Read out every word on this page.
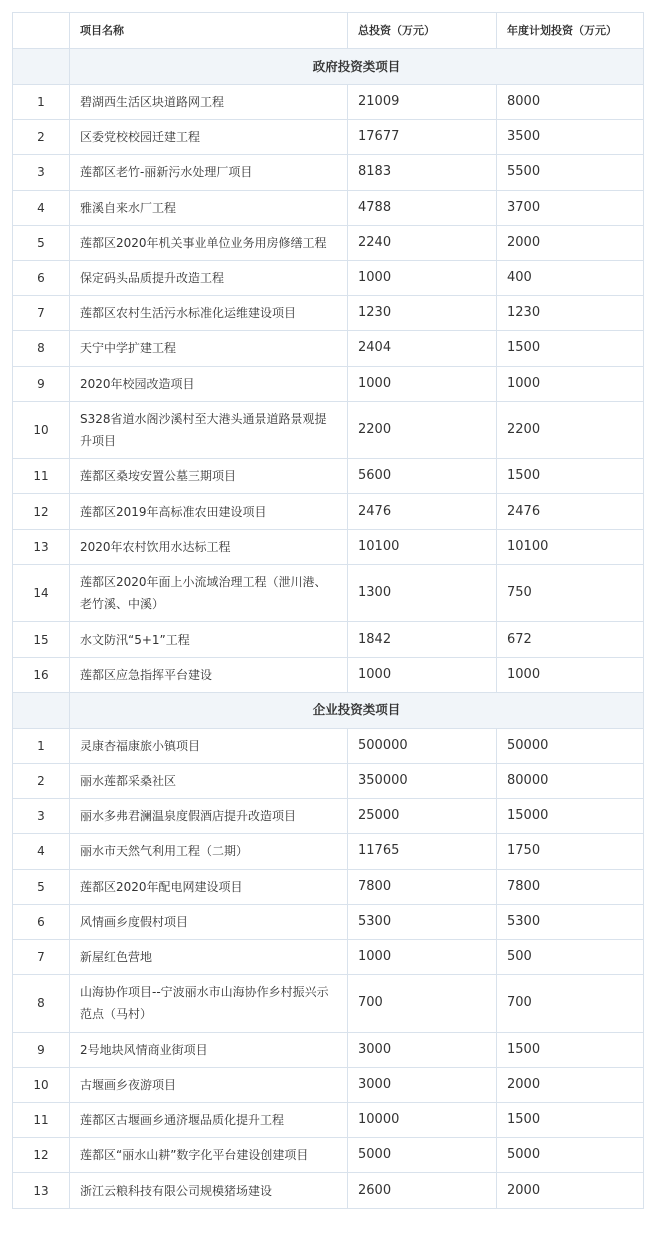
	项目名称	总投资（万元）	年度计划投资（万元）
	政府投资类项目		
1	碧湖西生活区块道路网工程	21009	8000
2	区委党校校园迁建工程	17677	3500
3	莲都区老竹-丽新污水处理厂项目	8183	5500
4	雅溪自来水厂工程	4788	3700
5	莲都区2020年机关事业单位业务用房修缮工程	2240	2000
6	保定码头品质提升改造工程	1000	400
7	莲都区农村生活污水标准化运维建设项目	1230	1230
8	天宁中学扩建工程	2404	1500
9	2020年校园改造项目	1000	1000
10	S328省道水阁沙溪村至大港头通景道路景观提升项目	2200	2200
11	莲都区桑垵安置公墓三期项目	5600	1500
12	莲都区2019年高标准农田建设项目	2476	2476
13	2020年农村饮用水达标工程	10100	10100
14	莲都区2020年面上小流域治理工程（泄川港、老竹溪、中溪）	1300	750
15	水文防汛“5+1”工程	1842	672
16	莲都区应急指挥平台建设	1000	1000
	企业投资类项目		
1	灵康杏福康旅小镇项目	500000	50000
2	丽水莲都采桑社区	350000	80000
3	丽水多弗君澜温泉度假酒店提升改造项目	25000	15000
4	丽水市天然气利用工程（二期）	11765	1750
5	莲都区2020年配电网建设项目	7800	7800
6	风情画乡度假村项目	5300	5300
7	新屋红色营地	1000	500
8	山海协作项目--宁波丽水市山海协作乡村振兴示范点（马村）	700	700
9	2号地块风情商业街项目	3000	1500
10	古堰画乡夜游项目	3000	2000
11	莲都区古堰画乡通济堰品质化提升工程	10000	1500
12	莲都区“丽水山耕”数字化平台建设创建项目	5000	5000
13	浙江云粮科技有限公司规模猪场建设	2600	2000
